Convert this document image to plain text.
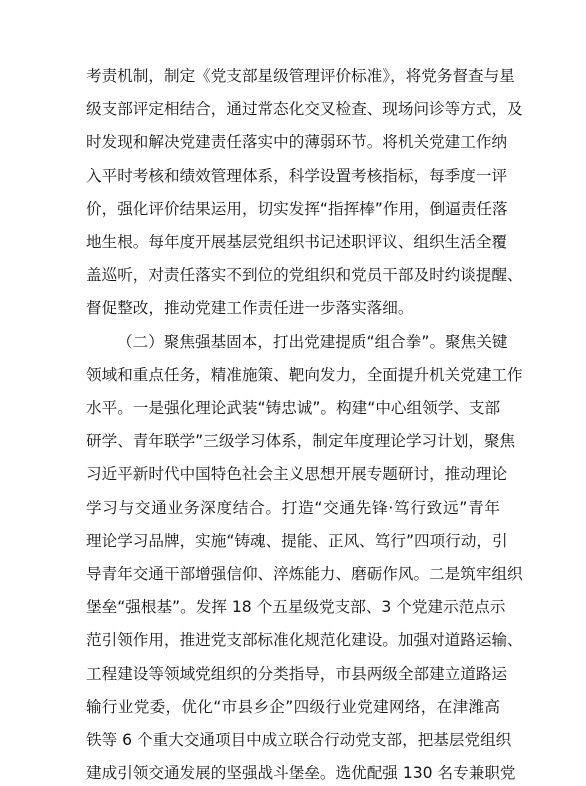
考责机制，制定《党支部星级管理评价标准》，将党务督查与星
级支部评定相结合，通过常态化交叉检查、现场问诊等方式，及
时发现和解决党建责任落实中的薄弱环节。将机关党建工作纳
入平时考核和绩效管理体系，科学设置考核指标，每季度一评
价，强化评价结果运用，切实发挥“指挥棒”作用，倒逼责任落
地生根。每年度开展基层党组织书记述职评议、组织生活全覆
盖巡听，对责任落实不到位的党组织和党员干部及时约谈提醒、
督促整改，推动党建工作责任进一步落实落细。
（二）聚焦强基固本，打出党建提质“组合拳”。聚焦关键
领域和重点任务，精准施策、靶向发力，全面提升机关党建工作
水平。一是强化理论武装“铸忠诚”。构建“中心组领学、支部
研学、青年联学”三级学习体系，制定年度理论学习计划，聚焦
习近平新时代中国特色社会主义思想开展专题研讨，推动理论
学习与交通业务深度结合。打造“交通先锋·笃行致远”青年
理论学习品牌，实施“铸魂、提能、正风、笃行”四项行动，引
导青年交通干部增强信仰、淬炼能力、磨砺作风。二是筑牢组织
堡垒“强根基”。发挥 18 个五星级党支部、3 个党建示范点示
范引领作用，推进党支部标准化规范化建设。加强对道路运输、
工程建设等领域党组织的分类指导，市县两级全部建立道路运
输行业党委，优化“市县乡企”四级行业党建网络，在津潍高
铁等 6 个重大交通项目中成立联合行动党支部，把基层党组织
建成引领交通发展的坚强战斗堡垒。选优配强 130 名专兼职党
